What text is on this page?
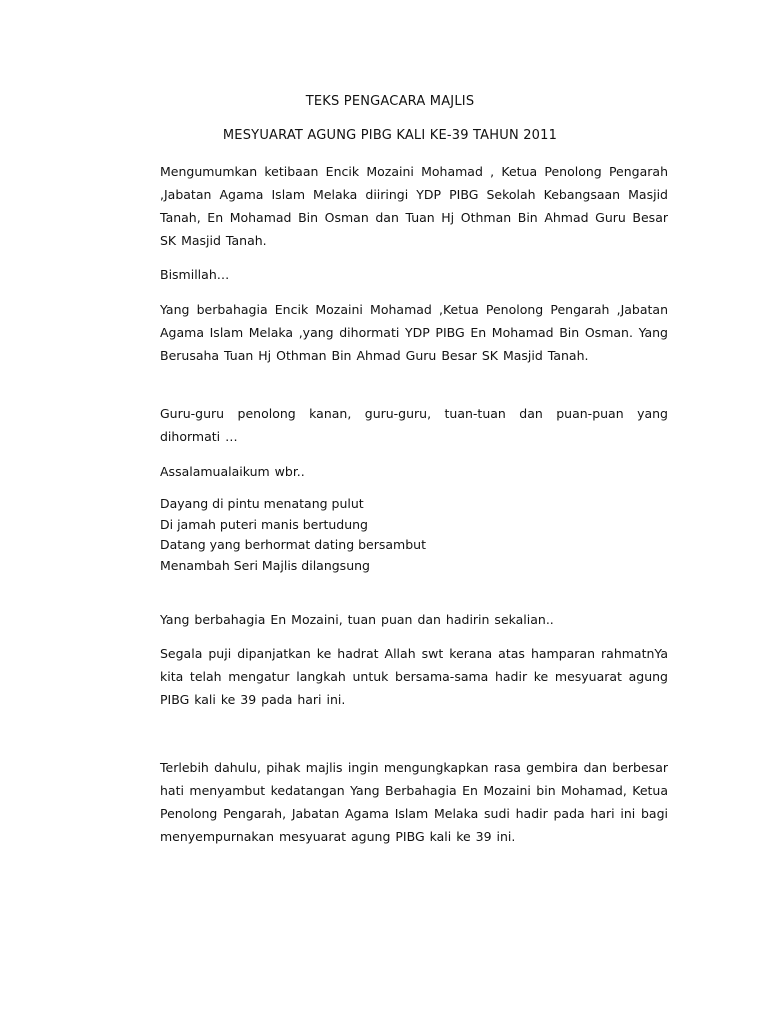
TEKS PENGACARA MAJLIS
MESYUARAT AGUNG PIBG KALI KE-39 TAHUN 2011
Mengumumkan ketibaan Encik Mozaini Mohamad , Ketua Penolong Pengarah ,Jabatan Agama Islam Melaka diiringi YDP PIBG Sekolah Kebangsaan Masjid Tanah, En Mohamad Bin Osman dan Tuan Hj Othman Bin Ahmad Guru Besar SK Masjid Tanah.
Bismillah…
Yang berbahagia Encik Mozaini Mohamad ,Ketua Penolong Pengarah ,Jabatan Agama Islam Melaka ,yang dihormati YDP PIBG En Mohamad Bin Osman. Yang Berusaha Tuan Hj Othman Bin Ahmad Guru Besar SK Masjid Tanah.
Guru-guru penolong kanan, guru-guru, tuan-tuan dan puan-puan yang dihormati …
Assalamualaikum wbr..
Dayang di pintu menatang pulut
Di jamah puteri manis bertudung
Datang yang berhormat dating bersambut
Menambah Seri Majlis dilangsung
Yang berbahagia En Mozaini, tuan puan dan hadirin sekalian..
Segala puji dipanjatkan ke hadrat Allah swt kerana atas hamparan rahmatnYa kita telah mengatur langkah untuk bersama-sama hadir ke mesyuarat agung PIBG kali ke 39 pada hari ini.
Terlebih dahulu, pihak majlis ingin mengungkapkan rasa gembira dan berbesar hati menyambut kedatangan Yang Berbahagia En Mozaini bin Mohamad, Ketua Penolong Pengarah, Jabatan Agama Islam Melaka sudi hadir pada hari ini bagi menyempurnakan mesyuarat agung PIBG kali ke 39 ini.
